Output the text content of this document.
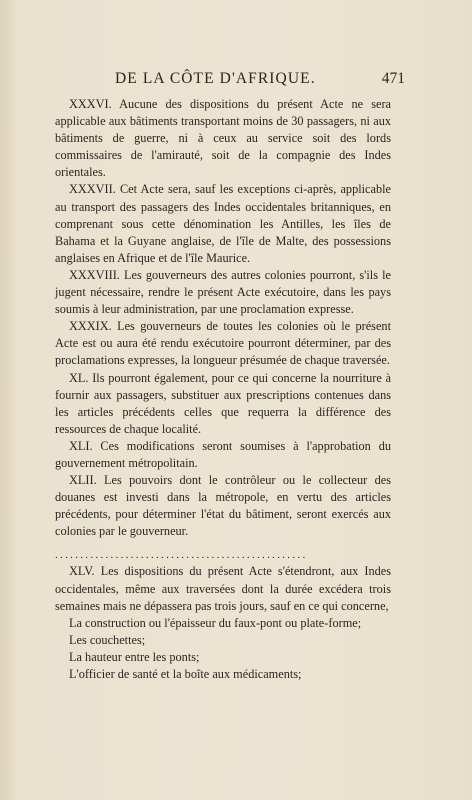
DE LA CÔTE D'AFRIQUE.	471

XXXVI. Aucune des dispositions du présent Acte ne sera applicable aux bâtiments transportant moins de 30 passagers, ni aux bâtiments de guerre, ni à ceux au service soit des lords commissaires de l'amirauté, soit de la compagnie des Indes orientales.

XXXVII. Cet Acte sera, sauf les exceptions ci-après, applicable au transport des passagers des Indes occidentales britanniques, en comprenant sous cette dénomination les Antilles, les îles de Bahama et la Guyane anglaise, de l'île de Malte, des possessions anglaises en Afrique et de l'île Maurice.

XXXVIII. Les gouverneurs des autres colonies pourront, s'ils le jugent nécessaire, rendre le présent Acte exécutoire, dans les pays soumis à leur administration, par une proclamation expresse.

XXXIX. Les gouverneurs de toutes les colonies où le présent Acte est ou aura été rendu exécutoire pourront déterminer, par des proclamations expresses, la longueur présumée de chaque traversée.

XL. Ils pourront également, pour ce qui concerne la nourriture à fournir aux passagers, substituer aux prescriptions contenues dans les articles précédents celles que requerra la différence des ressources de chaque localité.

XLI. Ces modifications seront soumises à l'approbation du gouvernement métropolitain.

XLII. Les pouvoirs dont le contrôleur ou le collecteur des douanes est investi dans la métropole, en vertu des articles précédents, pour déterminer l'état du bâtiment, seront exercés aux colonies par le gouverneur.

..................................................

XLV. Les dispositions du présent Acte s'étendront, aux Indes occidentales, même aux traversées dont la durée excédera trois semaines mais ne dépassera pas trois jours, sauf en ce qui concerne,

La construction ou l'épaisseur du faux-pont ou plate-forme;

Les couchettes;

La hauteur entre les ponts;

L'officier de santé et la boîte aux médicaments;
